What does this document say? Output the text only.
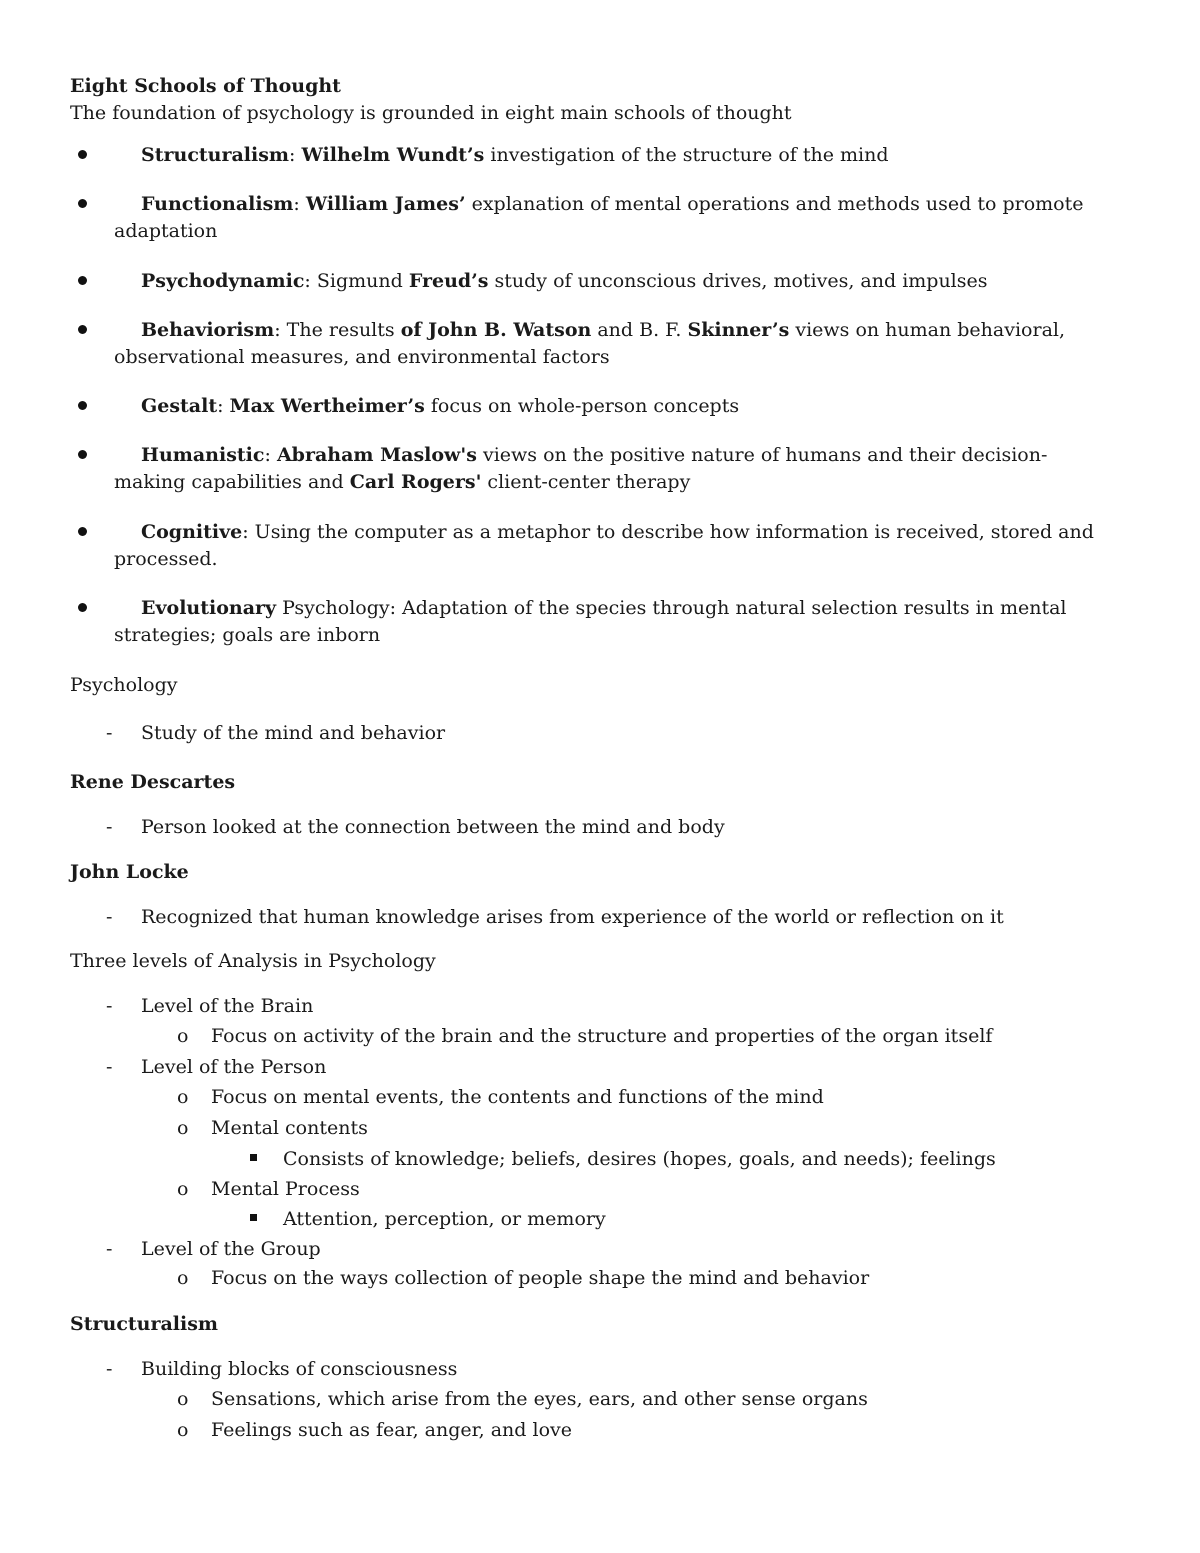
Eight Schools of Thought
The foundation of psychology is grounded in eight main schools of thought
Structuralism: Wilhelm Wundt’s investigation of the structure of the mind
Functionalism: William James’ explanation of mental operations and methods used to promote
adaptation
Psychodynamic: Sigmund Freud’s study of unconscious drives, motives, and impulses
Behaviorism: The results of John B. Watson and B. F. Skinner’s views on human behavioral,
observational measures, and environmental factors
Gestalt: Max Wertheimer’s focus on whole-person concepts
Humanistic: Abraham Maslow's views on the positive nature of humans and their decision-
making capabilities and Carl Rogers' client-center therapy
Cognitive: Using the computer as a metaphor to describe how information is received, stored and
processed.
Evolutionary Psychology: Adaptation of the species through natural selection results in mental
strategies; goals are inborn
Psychology
- Study of the mind and behavior
Rene Descartes
- Person looked at the connection between the mind and body
John Locke
- Recognized that human knowledge arises from experience of the world or reflection on it
Three levels of Analysis in Psychology
- Level of the Brain
o Focus on activity of the brain and the structure and properties of the organ itself
- Level of the Person
o Focus on mental events, the contents and functions of the mind
o Mental contents
Consists of knowledge; beliefs, desires (hopes, goals, and needs); feelings
o Mental Process
Attention, perception, or memory
- Level of the Group
o Focus on the ways collection of people shape the mind and behavior
Structuralism
- Building blocks of consciousness
o Sensations, which arise from the eyes, ears, and other sense organs
o Feelings such as fear, anger, and love
